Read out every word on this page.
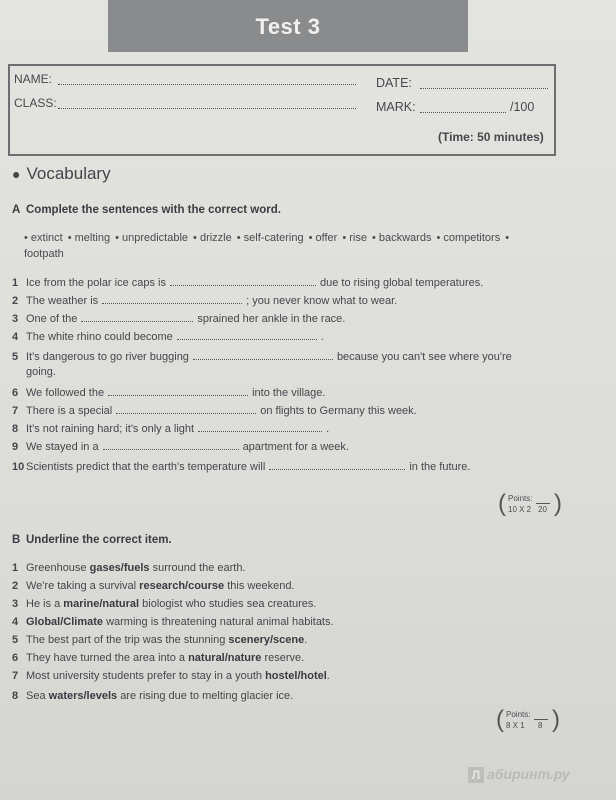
Test 3
NAME:
CLASS:
DATE:
MARK:	/100
(Time: 50 minutes)
● Vocabulary
A Complete the sentences with the correct word.
• extinct • melting • unpredictable • drizzle • self-catering • offer • rise • backwards • competitors • footpath
1 Ice from the polar ice caps is	due to rising global temperatures.
2 The weather is	; you never know what to wear.
3 One of the	sprained her ankle in the race.
4 The white rhino could become	.
5 It's dangerous to go river bugging	because you can't see where you're
going.
6 We followed the	into the village.
7 There is a special	on flights to Germany this week.
8 It's not raining hard; it's only a light	.
9 We stayed in a	apartment for a week.
10 Scientists predict that the earth's temperature will	in the future.
( Points:
10 X 2 20 )
B Underline the correct item.
1 Greenhouse gases/fuels surround the earth.
2 We're taking a survival research/course this weekend.
3 He is a marine/natural biologist who studies sea creatures.
4 Global/Climate warming is threatening natural animal habitats.
5 The best part of the trip was the stunning scenery/scene.
6 They have turned the area into a natural/nature reserve.
7 Most university students prefer to stay in a youth hostel/hotel.
8 Sea waters/levels are rising due to melting glacier ice.
( Points:
8 X 1 8 )
Л абиринт.ру
